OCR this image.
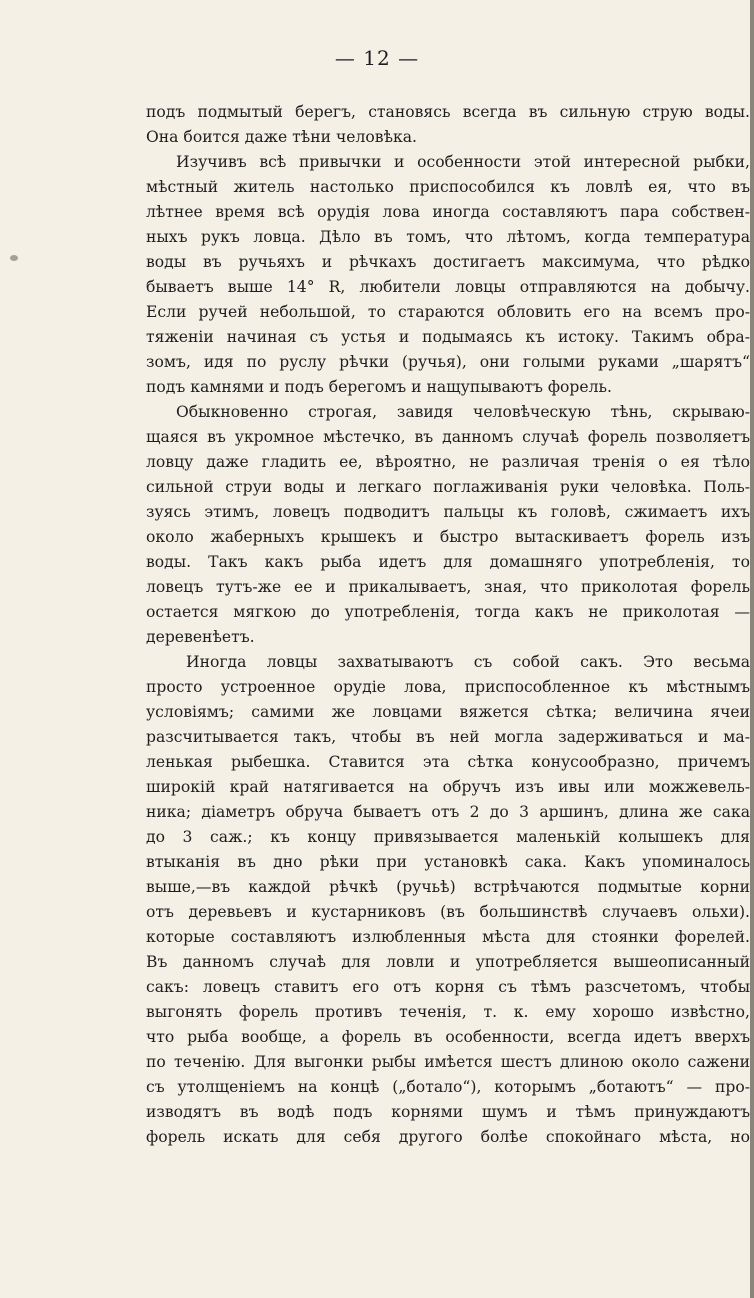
— 12 —
подъ подмытый берегъ, становясь всегда въ сильную струю воды.
Она боится даже тѣни человѣка.
Изучивъ всѣ привычки и особенности этой интересной рыбки,
мѣстный житель настолько приспособился къ ловлѣ ея, что въ
лѣтнее время всѣ орудія лова иногда составляютъ пара собствен-
ныхъ рукъ ловца. Дѣло въ томъ, что лѣтомъ, когда температура
воды въ ручьяхъ и рѣчкахъ достигаетъ максимума, что рѣдко
бываетъ выше 14° R, любители ловцы отправляются на добычу.
Если ручей небольшой, то стараются обловить его на всемъ про-
тяженіи начиная съ устья и подымаясь къ истоку. Такимъ обра-
зомъ, идя по руслу рѣчки (ручья), они голыми руками „шарятъ“
подъ камнями и подъ берегомъ и нащупываютъ форель.
Обыкновенно строгая, завидя человѣческую тѣнь, скрываю-
щаяся въ укромное мѣстечко, въ данномъ случаѣ форель позволяетъ
ловцу даже гладить ее, вѣроятно, не различая тренія о ея тѣло
сильной струи воды и легкаго поглаживанія руки человѣка. Поль-
зуясь этимъ, ловецъ подводитъ пальцы къ головѣ, сжимаетъ ихъ
около жаберныхъ крышекъ и быстро вытаскиваетъ форель изъ
воды. Такъ какъ рыба идетъ для домашняго употребленія, то
ловецъ тутъ-же ее и прикалываетъ, зная, что приколотая форель
остается мягкою до употребленія, тогда какъ не приколотая —
деревенѣетъ.
Иногда ловцы захватываютъ съ собой сакъ. Это весьма
просто устроенное орудіе лова, приспособленное къ мѣстнымъ
условіямъ; самими же ловцами вяжется сѣтка; величина ячеи
разсчитывается такъ, чтобы въ ней могла задерживаться и ма-
ленькая рыбешка. Ставится эта сѣтка конусообразно, причемъ
широкій край натягивается на обручъ изъ ивы или можжевель-
ника; діаметръ обруча бываетъ отъ 2 до 3 аршинъ, длина же сака
до 3 саж.; къ концу привязывается маленькій колышекъ для
втыканія въ дно рѣки при установкѣ сака. Какъ упоминалось
выше,—въ каждой рѣчкѣ (ручьѣ) встрѣчаются подмытые корни
отъ деревьевъ и кустарниковъ (въ большинствѣ случаевъ ольхи).
которые составляютъ излюбленныя мѣста для стоянки форелей.
Въ данномъ случаѣ для ловли и употребляется вышеописанный
сакъ: ловецъ ставитъ его отъ корня съ тѣмъ разсчетомъ, чтобы
выгонять форель противъ теченія, т. к. ему хорошо извѣстно,
что рыба вообще, а форель въ особенности, всегда идетъ вверхъ
по теченію. Для выгонки рыбы имѣется шестъ длиною около сажени
съ утолщеніемъ на концѣ („ботало“), которымъ „ботаютъ“ — про-
изводятъ въ водѣ подъ корнями шумъ и тѣмъ принуждаютъ
форель искать для себя другого болѣе спокойнаго мѣста, но
